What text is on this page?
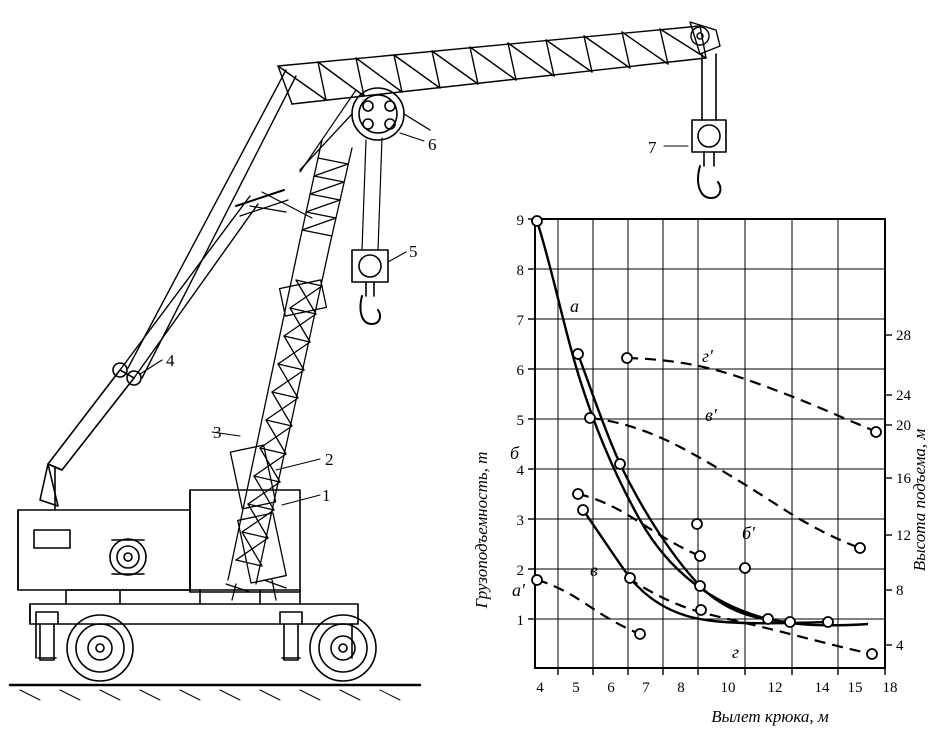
1
2
3
4
5
6	7
9
8
7
6
5
4
3
2
1
28
24
20
16
12
8
4
4 5 6 7 8 10 12 14 15 18
а
б
в
а'
б'
в'
г'
г
Грузоподъемность, т	Высота подъема, м
Вылет крюка, м
